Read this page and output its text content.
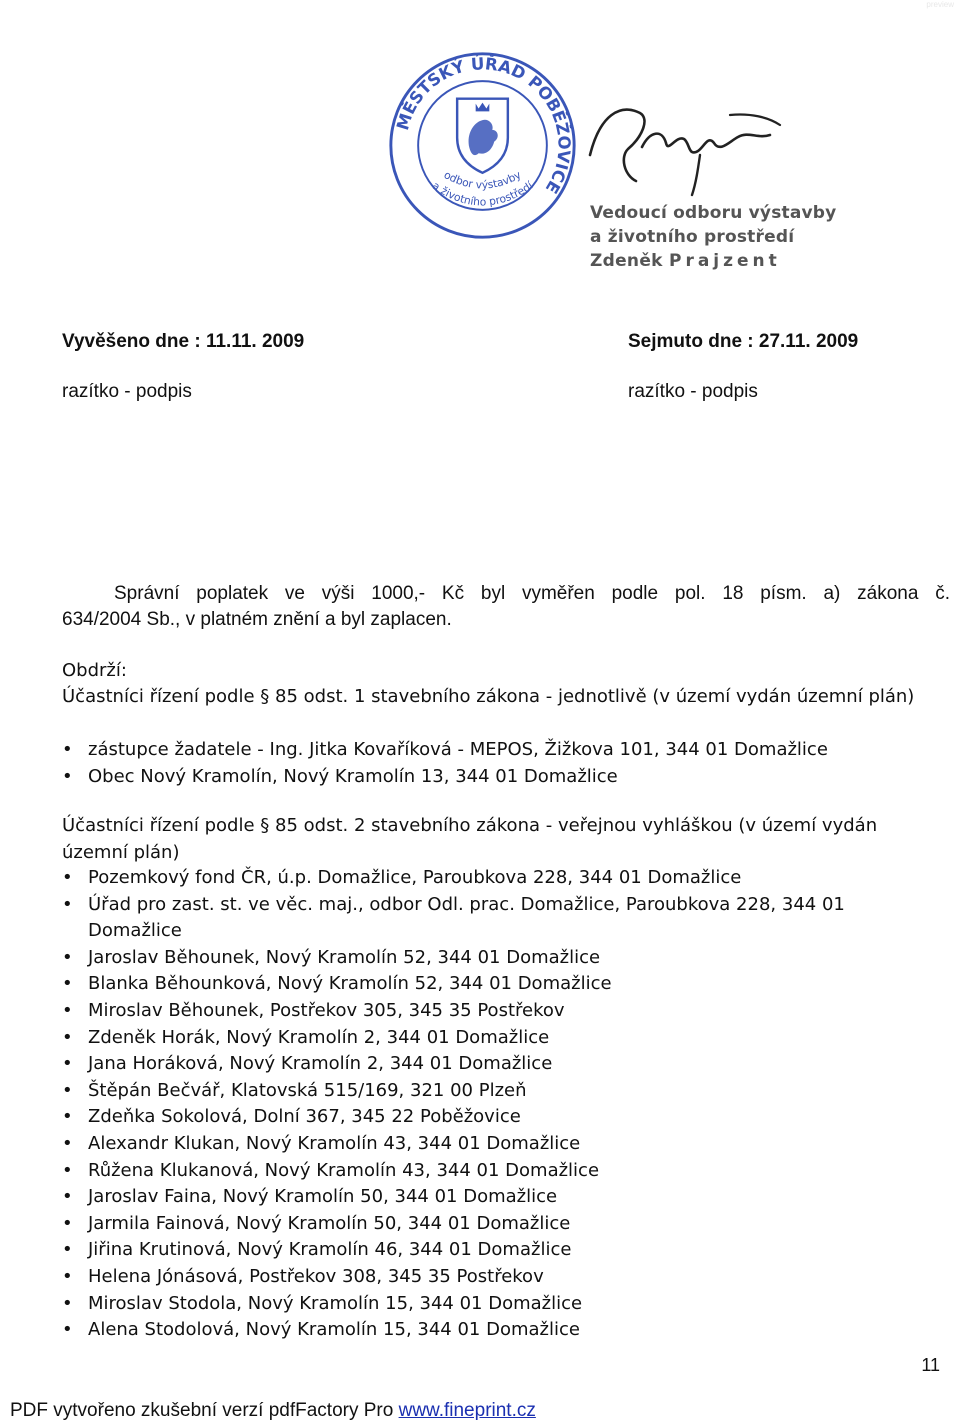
preview
MĚSTSKÝ ÚŘAD POBĚŽOVICE
odbor výstavby
a životního prostředí
Vedoucí odboru výstavby
a životního prostředí
Zdeněk Prajzent
Vyvěšeno dne : 11.11. 2009	Sejmuto dne : 27.11. 2009
razítko - podpis	razítko - podpis
Správní poplatek ve výši 1000,- Kč byl vyměřen podle pol. 18 písm. a) zákona č.
634/2004 Sb., v platném znění a byl zaplacen.
Obdrží:
Účastníci řízení podle § 85 odst. 1 stavebního zákona - jednotlivě (v území vydán územní plán)
• zástupce žadatele - Ing. Jitka Kovaříková - MEPOS, Žižkova 101, 344 01 Domažlice
• Obec Nový Kramolín, Nový Kramolín 13, 344 01 Domažlice
Účastníci řízení podle § 85 odst. 2 stavebního zákona - veřejnou vyhláškou (v území vydán územní plán)
• Pozemkový fond ČR, ú.p. Domažlice, Paroubkova 228, 344 01 Domažlice
• Úřad pro zast. st. ve věc. maj., odbor Odl. prac. Domažlice, Paroubkova 228, 344 01 Domažlice
• Jaroslav Běhounek, Nový Kramolín 52, 344 01 Domažlice
• Blanka Běhounková, Nový Kramolín 52, 344 01 Domažlice
• Miroslav Běhounek, Postřekov 305, 345 35 Postřekov
• Zdeněk Horák, Nový Kramolín 2, 344 01 Domažlice
• Jana Horáková, Nový Kramolín 2, 344 01 Domažlice
• Štěpán Bečvář, Klatovská 515/169, 321 00 Plzeň
• Zdeňka Sokolová, Dolní 367, 345 22 Poběžovice
• Alexandr Klukan, Nový Kramolín 43, 344 01 Domažlice
• Růžena Klukanová, Nový Kramolín 43, 344 01 Domažlice
• Jaroslav Faina, Nový Kramolín 50, 344 01 Domažlice
• Jarmila Fainová, Nový Kramolín 50, 344 01 Domažlice
• Jiřina Krutinová, Nový Kramolín 46, 344 01 Domažlice
• Helena Jónásová, Postřekov 308, 345 35 Postřekov
• Miroslav Stodola, Nový Kramolín 15, 344 01 Domažlice
• Alena Stodolová, Nový Kramolín 15, 344 01 Domažlice
11
PDF vytvořeno zkušební verzí pdfFactory Pro www.fineprint.cz
